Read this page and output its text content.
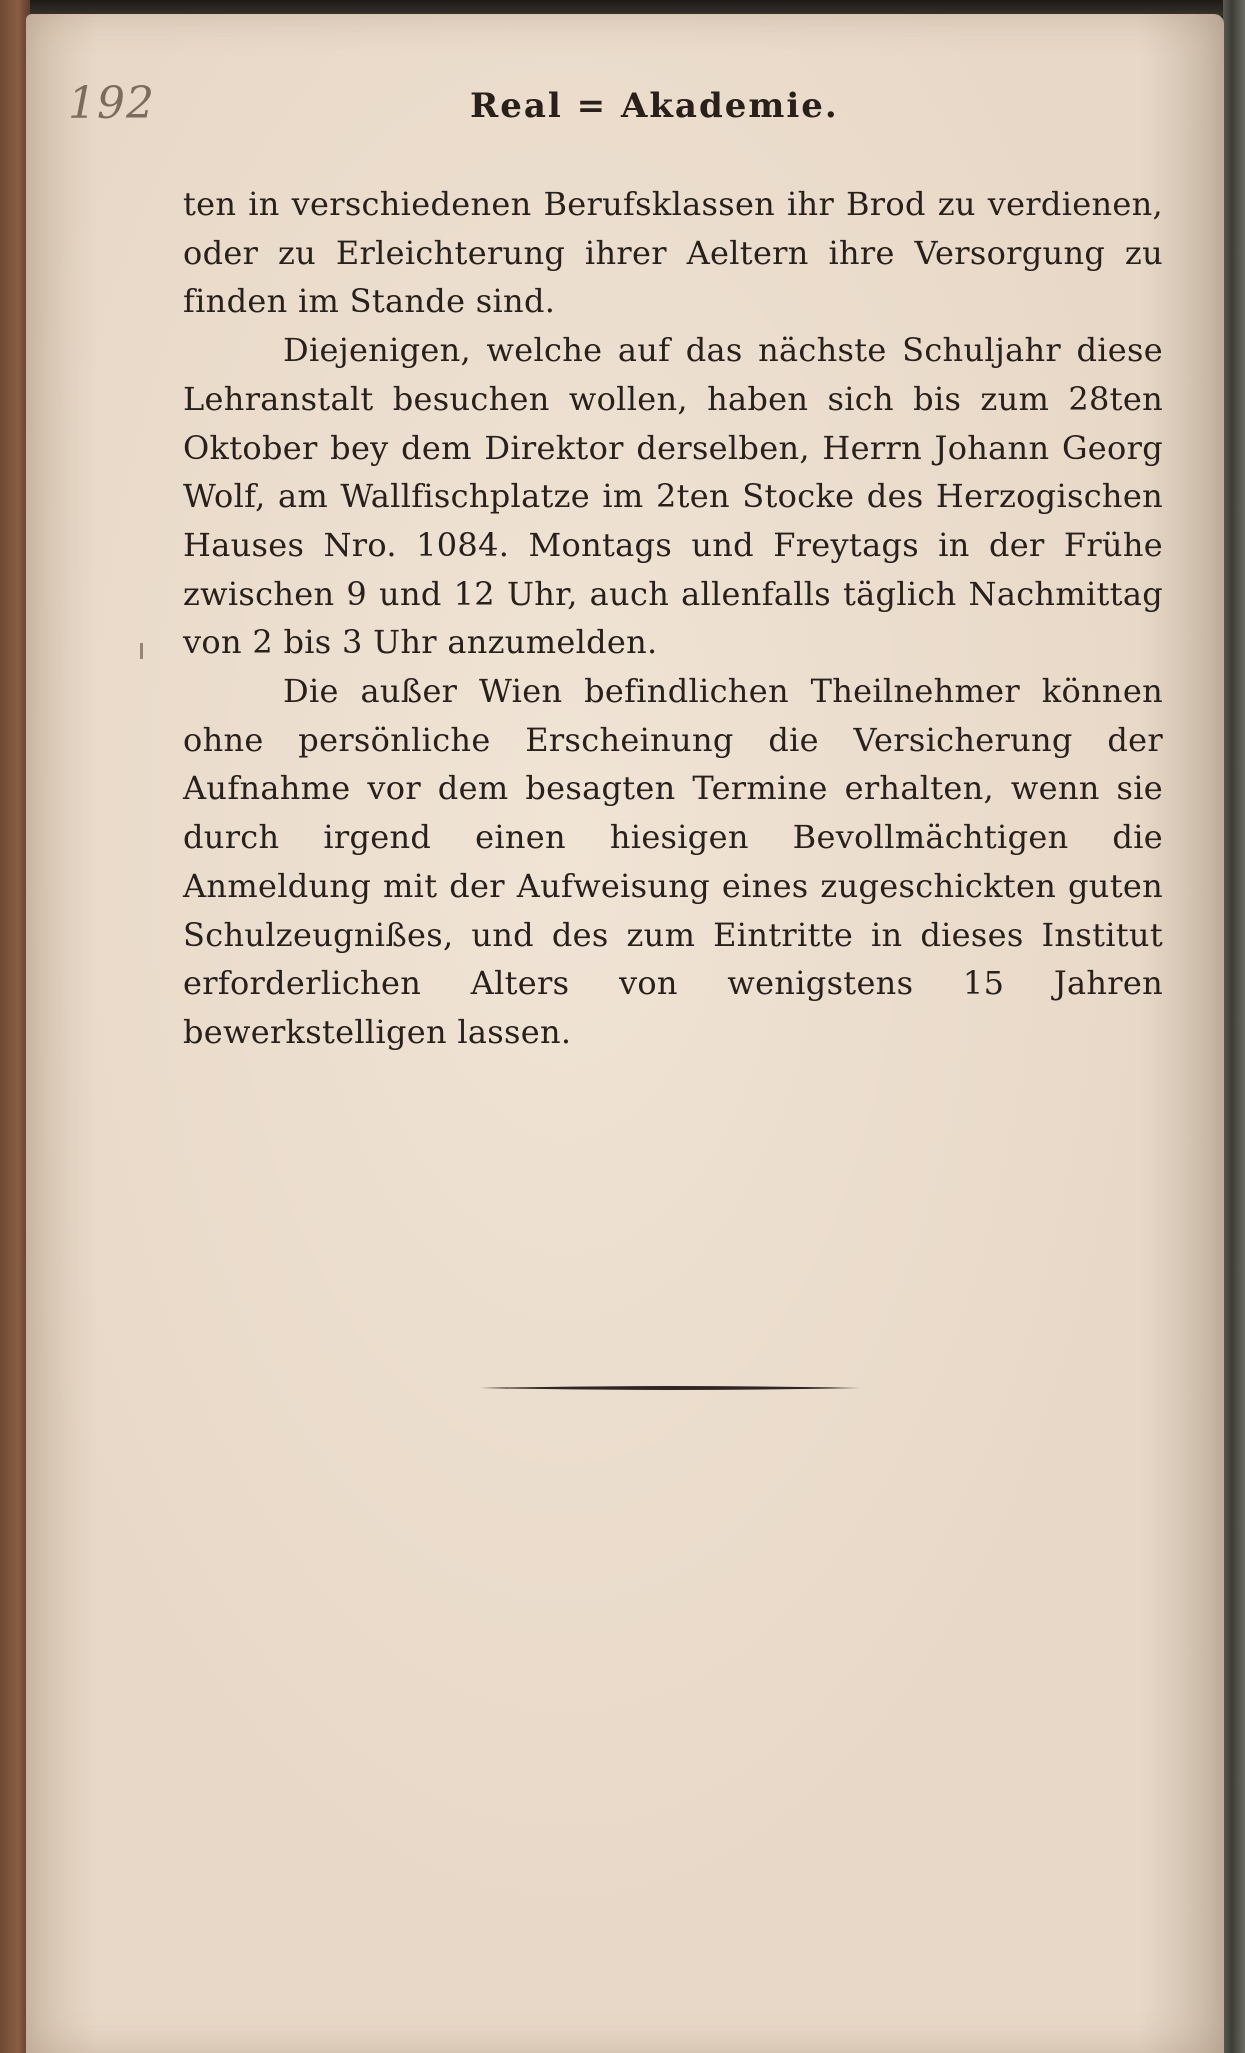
192	Real = Akademie.

ten in verschiedenen Berufsklassen ihr Brod zu verdienen, oder zu Erleichterung ihrer Aeltern ihre Versorgung zu finden im Stande sind.

Diejenigen, welche auf das nächste Schuljahr diese Lehranstalt besuchen wollen, haben sich bis zum 28ten Oktober bey dem Direktor derselben, Herrn Johann Georg Wolf, am Wallfischplatze im 2ten Stocke des Herzogischen Hauses Nro. 1084. Montags und Freytags in der Frühe zwischen 9 und 12 Uhr, auch allenfalls täglich Nachmittag von 2 bis 3 Uhr anzumelden.

Die außer Wien befindlichen Theilnehmer können ohne persönliche Erscheinung die Versicherung der Aufnahme vor dem besagten Termine erhalten, wenn sie durch irgend einen hiesigen Bevollmächtigen die Anmeldung mit der Aufweisung eines zugeschickten guten Schulzeugnißes, und des zum Eintritte in dieses Institut erforderlichen Alters von wenigstens 15 Jahren bewerkstelligen lassen.
